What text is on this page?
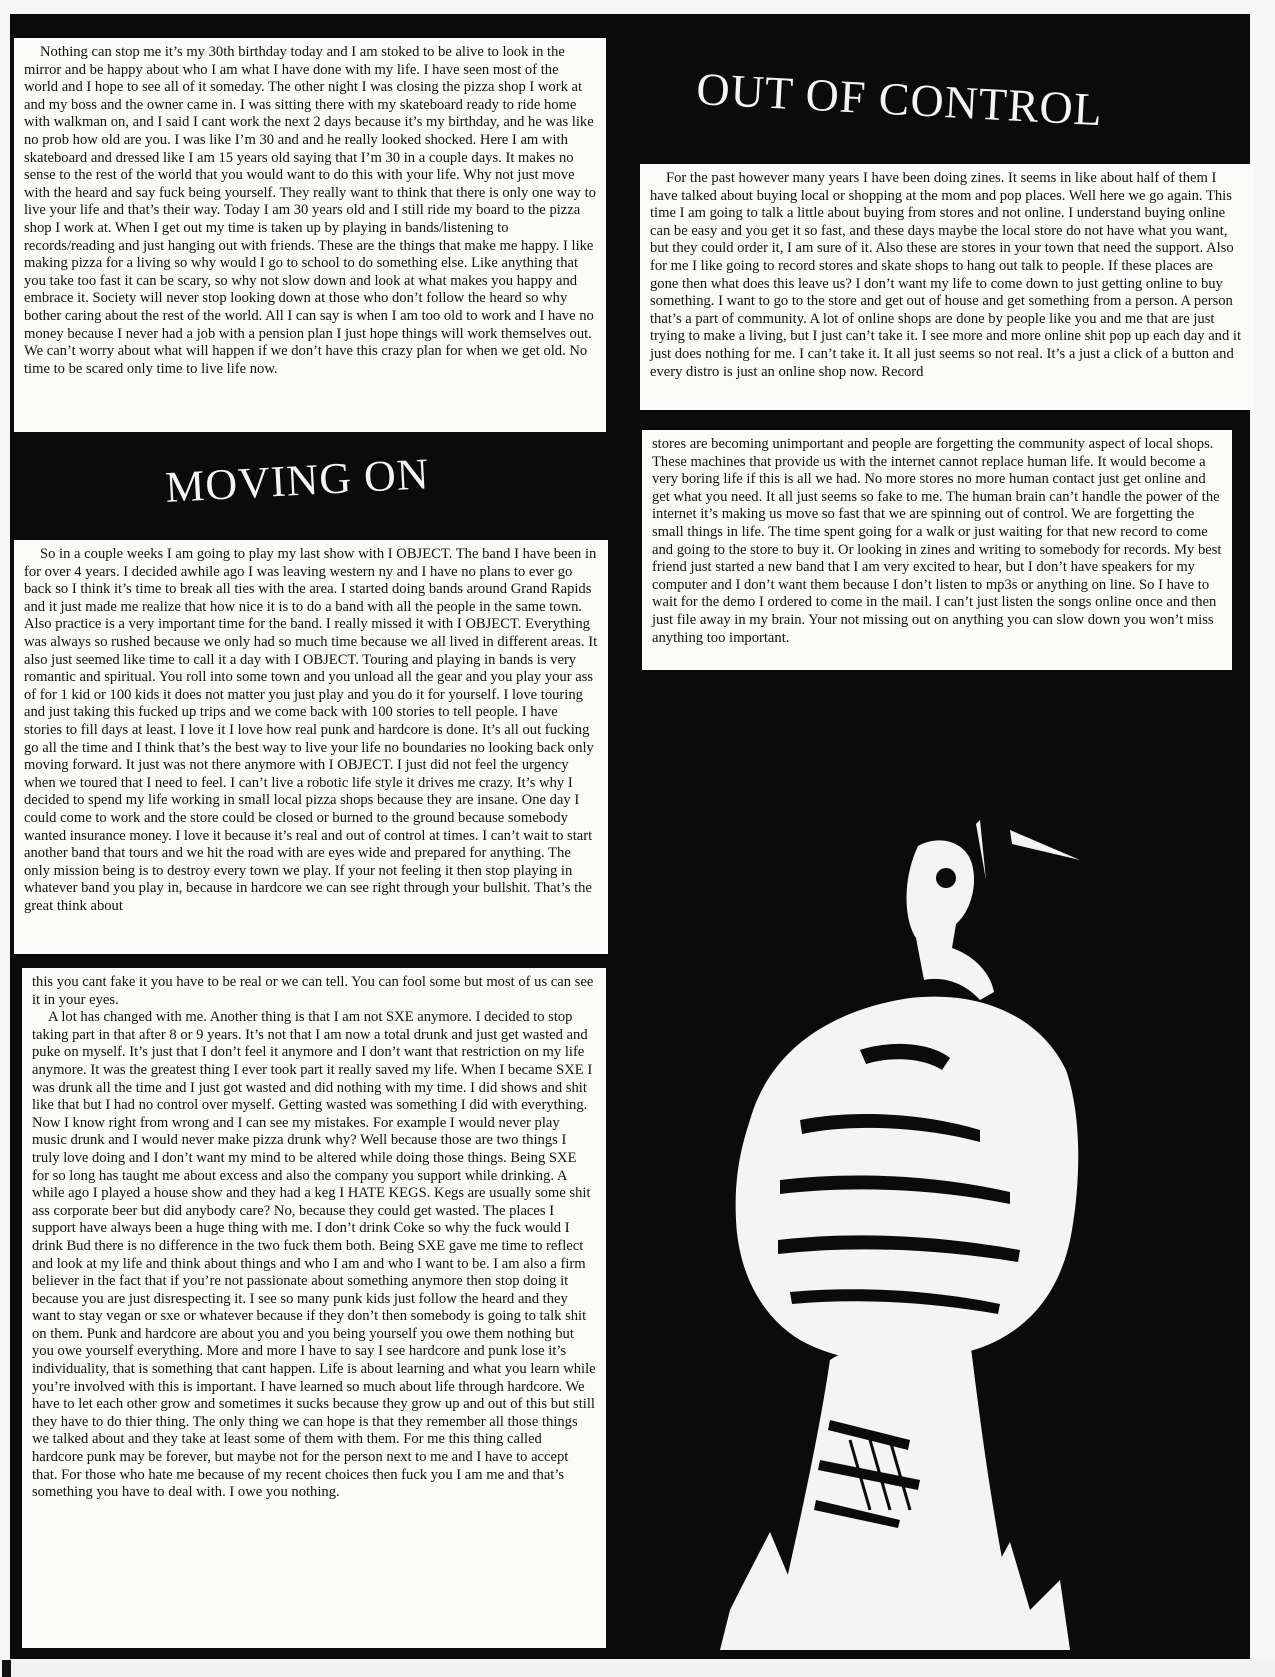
Nothing can stop me it’s my 30th birthday today and I am stoked to be alive to look in the mirror and be happy about who I am what I have done with my life. I have seen most of the world and I hope to see all of it someday. The other night I was closing the pizza shop I work at and my boss and the owner came in. I was sitting there with my skateboard ready to ride home with walkman on, and I said I cant work the next 2 days because it’s my birthday, and he was like no prob how old are you. I was like I’m 30 and and he really looked shocked. Here I am with skateboard and dressed like I am 15 years old saying that I’m 30 in a couple days. It makes no sense to the rest of the world that you would want to do this with your life. Why not just move with the heard and say fuck being yourself. They really want to think that there is only one way to live your life and that’s their way. Today I am 30 years old and I still ride my board to the pizza shop I work at. When I get out my time is taken up by playing in bands/listening to records/reading and just hanging out with friends. These are the things that make me happy. I like making pizza for a living so why would I go to school to do something else. Like anything that you take too fast it can be scary, so why not slow down and look at what makes you happy and embrace it. Society will never stop looking down at those who don’t follow the heard so why bother caring about the rest of the world. All I can say is when I am too old to work and I have no money because I never had a job with a pension plan I just hope things will work themselves out. We can’t worry about what will happen if we don’t have this crazy plan for when we get old. No time to be scared only time to live life now.

OUT OF CONTROL

For the past however many years I have been doing zines. It seems in like about half of them I have talked about buying local or shopping at the mom and pop places. Well here we go again. This time I am going to talk a little about buying from stores and not online. I understand buying online can be easy and you get it so fast, and these days maybe the local store do not have what you want, but they could order it, I am sure of it. Also these are stores in your town that need the support. Also for me I like going to record stores and skate shops to hang out talk to people. If these places are gone then what does this leave us? I don’t want my life to come down to just getting online to buy something. I want to go to the store and get out of house and get something from a person. A person that’s a part of community. A lot of online shops are done by people like you and me that are just trying to make a living, but I just can’t take it. I see more and more online shit pop up each day and it just does nothing for me. I can’t take it. It all just seems so not real. It’s a just a click of a button and every distro is just an online shop now. Record

stores are becoming unimportant and people are forgetting the community aspect of local shops. These machines that provide us with the internet cannot replace human life. It would become a very boring life if this is all we had. No more stores no more human contact just get online and get what you need. It all just seems so fake to me. The human brain can’t handle the power of the internet it’s making us move so fast that we are spinning out of control. We are forgetting the small things in life. The time spent going for a walk or just waiting for that new record to come and going to the store to buy it. Or looking in zines and writing to somebody for records. My best friend just started a new band that I am very excited to hear, but I don’t have speakers for my computer and I don’t want them because I don’t listen to mp3s or anything on line. So I have to wait for the demo I ordered to come in the mail. I can’t just listen the songs online once and then just file away in my brain. Your not missing out on anything you can slow down you won’t miss anything too important.

MOVING ON

So in a couple weeks I am going to play my last show with I OBJECT. The band I have been in for over 4 years. I decided awhile ago I was leaving western ny and I have no plans to ever go back so I think it’s time to break all ties with the area. I started doing bands around Grand Rapids and it just made me realize that how nice it is to do a band with all the people in the same town. Also practice is a very important time for the band. I really missed it with I OBJECT. Everything was always so rushed because we only had so much time because we all lived in different areas. It also just seemed like time to call it a day with I OBJECT. Touring and playing in bands is very romantic and spiritual. You roll into some town and you unload all the gear and you play your ass of for 1 kid or 100 kids it does not matter you just play and you do it for yourself. I love touring and just taking this fucked up trips and we come back with 100 stories to tell people. I have stories to fill days at least. I love it I love how real punk and hardcore is done. It’s all out fucking go all the time and I think that’s the best way to live your life no boundaries no looking back only moving forward. It just was not there anymore with I OBJECT. I just did not feel the urgency when we toured that I need to feel. I can’t live a robotic life style it drives me crazy. It’s why I decided to spend my life working in small local pizza shops because they are insane. One day I could come to work and the store could be closed or burned to the ground because somebody wanted insurance money. I love it because it’s real and out of control at times. I can’t wait to start another band that tours and we hit the road with are eyes wide and prepared for anything. The only mission being is to destroy every town we play. If your not feeling it then stop playing in whatever band you play in, because in hardcore we can see right through your bullshit. That’s the great think about

this you cant fake it you have to be real or we can tell. You can fool some but most of us can see it in your eyes.

A lot has changed with me. Another thing is that I am not SXE anymore. I decided to stop taking part in that after 8 or 9 years. It’s not that I am now a total drunk and just get wasted and puke on myself. It’s just that I don’t feel it anymore and I don’t want that restriction on my life anymore. It was the greatest thing I ever took part it really saved my life. When I became SXE I was drunk all the time and I just got wasted and did nothing with my time. I did shows and shit like that but I had no control over myself. Getting wasted was something I did with everything. Now I know right from wrong and I can see my mistakes. For example I would never play music drunk and I would never make pizza drunk why? Well because those are two things I truly love doing and I don’t want my mind to be altered while doing those things. Being SXE for so long has taught me about excess and also the company you support while drinking. A while ago I played a house show and they had a keg I HATE KEGS. Kegs are usually some shit ass corporate beer but did anybody care? No, because they could get wasted. The places I support have always been a huge thing with me. I don’t drink Coke so why the fuck would I drink Bud there is no difference in the two fuck them both. Being SXE gave me time to reflect and look at my life and think about things and who I am and who I want to be. I am also a firm believer in the fact that if you’re not passionate about something anymore then stop doing it because you are just disrespecting it. I see so many punk kids just follow the heard and they want to stay vegan or sxe or whatever because if they don’t then somebody is going to talk shit on them. Punk and hardcore are about you and you being yourself you owe them nothing but you owe yourself everything. More and more I have to say I see hardcore and punk lose it’s individuality, that is something that cant happen. Life is about learning and what you learn while you’re involved with this is important. I have learned so much about life through hardcore. We have to let each other grow and sometimes it sucks because they grow up and out of this but still they have to do thier thing. The only thing we can hope is that they remember all those things we talked about and they take at least some of them with them. For me this thing called hardcore punk may be forever, but maybe not for the person next to me and I have to accept that. For those who hate me because of my recent choices then fuck you I am me and that’s something you have to deal with. I owe you nothing.
